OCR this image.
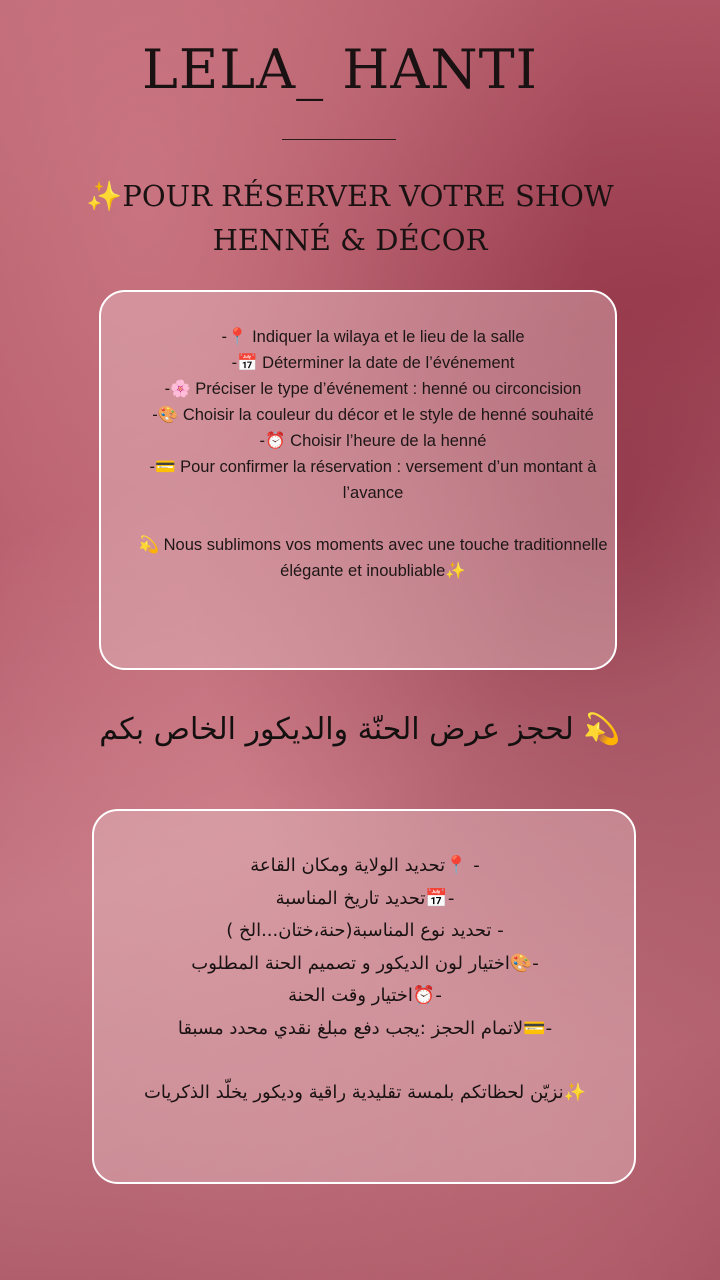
LELA_ HANTI
✨POUR RÉSERVER VOTRE SHOW HENNÉ & DÉCOR
-📍 Indiquer la wilaya et le lieu de la salle
-📅 Déterminer la date de l’événement
-🌸 Préciser le type d’événement : henné ou circoncision
-🎨 Choisir la couleur du décor et le style de henné souhaité
-⏰ Choisir l’heure de la henné
-💳 Pour confirmer la réservation : versement d’un montant à l’avance
💫 Nous sublimons vos moments avec une touche traditionnelle élégante et inoubliable✨
💫 لحجز عرض الحنّة والديكور الخاص بكم
- 📍تحديد الولاية ومكان القاعة
-📅تحديد تاريخ المناسبة
- تحديد نوع المناسبة(حنة،ختان...الخ )
-🎨اختيار لون الديكور و تصميم الحنة المطلوب
-⏰اختيار وقت الحنة
-💳لاتمام الحجز :يجب دفع مبلغ نقدي محدد مسبقا
✨نزيّن لحظاتكم بلمسة تقليدية راقية وديكور يخلّد الذكريات
